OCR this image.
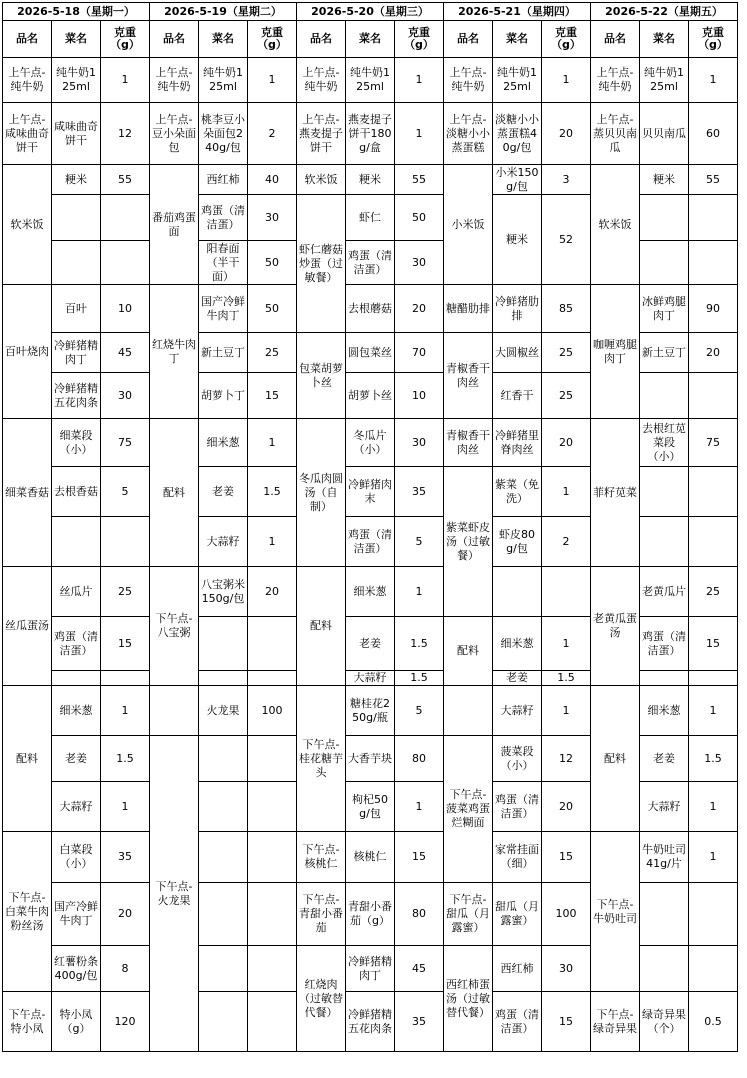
2026-5-18（星期一）			2026-5-19（星期二）			2026-5-20（星期三）			2026-5-21（星期四）			2026-5-22（星期五）		
品名	菜名	克重（g）	品名	菜名	克重（g）	品名	菜名	克重（g）	品名	菜名	克重（g）	品名	菜名	克重（g）
上午点-纯牛奶	纯牛奶125ml	1	上午点-纯牛奶	纯牛奶125ml	1	上午点-纯牛奶	纯牛奶125ml	1	上午点-纯牛奶	纯牛奶125ml	1	上午点-纯牛奶	纯牛奶125ml	1
上午点-咸味曲奇饼干	咸味曲奇饼干	12	上午点-豆小朵面包	桃李豆小朵面包240g/包	2	上午点-燕麦提子饼干	燕麦提子饼干180g/盒	1	上午点-淡糖小小蒸蛋糕	淡糖小小蒸蛋糕40g/包	20	上午点-蒸贝贝南瓜	贝贝南瓜	60
软米饭	粳米	55	番茄鸡蛋面	西红柿	40	软米饭	粳米	55	小米饭	小米150g/包	3	软米饭	粳米	55
				鸡蛋（清洁蛋）	30	虾仁蘑菇炒蛋（过敏餐）	虾仁	50		粳米	52			
				阳春面（半干面）	50		鸡蛋（清洁蛋）	30						
百叶烧肉	百叶	10	红烧牛肉丁	国产冷鲜牛肉丁	50		去根蘑菇	20	糖醋肋排	冷鲜猪肋排	85	咖喱鸡腿肉丁	冰鲜鸡腿肉丁	90
	冷鲜猪精肉丁	45		新土豆丁	25	包菜胡萝卜丝	圆包菜丝	70	青椒香干肉丝	大圆椒丝	25		新土豆丁	20
	冷鲜猪精五花肉条	30		胡萝卜丁	15		胡萝卜丝	10		红香干	25			
细菜香菇	细菜段（小）	75	配料	细米葱	1	冬瓜肉圆汤（自制）	冬瓜片（小）	30	青椒香干肉丝	冷鲜猪里脊肉丝	20	菲籽苋菜	去根红苋菜段（小）	75
	去根香菇	5		老姜	1.5		冷鲜猪肉末	35	紫菜虾皮汤（过敏餐）	紫菜（免洗）	1			
				大蒜籽	1		鸡蛋（清洁蛋）	5		虾皮80g/包	2			
丝瓜蛋汤	丝瓜片	25	下午点-八宝粥	八宝粥米150g/包	20	配料	细米葱	1				老黄瓜蛋汤	老黄瓜片	25
	鸡蛋（清洁蛋）	15					老姜	1.5	配料	细米葱	1		鸡蛋（清洁蛋）	15
							大蒜籽	1.5		老姜	1.5			
配料	细米葱	1		火龙果	100	下午点-桂花糖芋头	糖桂花250g/瓶	5		大蒜籽	1	配料	细米葱	1
	老姜	1.5	下午点-火龙果				大香芋块	80	下午点-菠菜鸡蛋烂糊面	菠菜段（小）	12		老姜	1.5
	大蒜籽	1					枸杞50g/包	1		鸡蛋（清洁蛋）	20		大蒜籽	1
下午点-白菜牛肉粉丝汤	白菜段（小）	35				下午点-核桃仁	核桃仁	15		家常挂面（细）	15	下午点-牛奶吐司	牛奶吐司41g/片	1
	国产冷鲜牛肉丁	20				下午点-青甜小番茄	青甜小番茄（g）	80	下午点-甜瓜（月露蜜）	甜瓜（月露蜜）	100			
	红薯粉条400g/包	8				红烧肉（过敏替代餐）	冷鲜猪精肉丁	45	西红柿蛋汤（过敏替代餐）	西红柿	30			
下午点-特小凤	特小凤（g）	120					冷鲜猪精五花肉条	35		鸡蛋（清洁蛋）	15	下午点-绿奇异果	绿奇异果（个）	0.5
